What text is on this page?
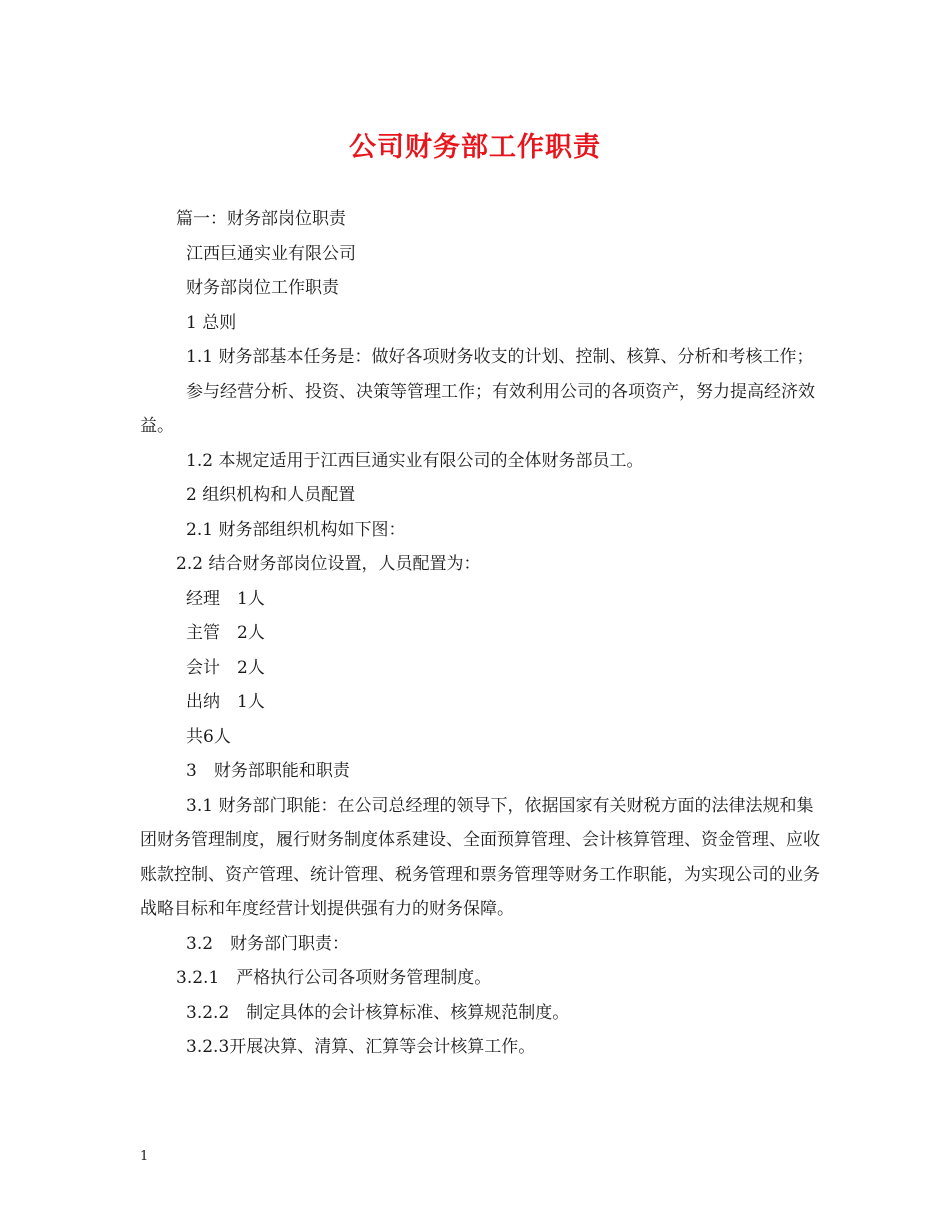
公司财务部工作职责

篇一：财务部岗位职责

江西巨通实业有限公司

财务部岗位工作职责

1 总则

1.1 财务部基本任务是：做好各项财务收支的计划、控制、核算、分析和考核工作；

参与经营分析、投资、决策等管理工作；有效利用公司的各项资产，努力提高经济效益。

1.2 本规定适用于江西巨通实业有限公司的全体财务部员工。

2 组织机构和人员配置

2.1 财务部组织机构如下图：

2.2 结合财务部岗位设置，人员配置为：

经理　1人

主管　2人

会计　2人

出纳　1人

共6人

3　财务部职能和职责

3.1 财务部门职能：在公司总经理的领导下，依据国家有关财税方面的法律法规和集团财务管理制度，履行财务制度体系建设、全面预算管理、会计核算管理、资金管理、应收账款控制、资产管理、统计管理、税务管理和票务管理等财务工作职能，为实现公司的业务战略目标和年度经营计划提供强有力的财务保障。

3.2　财务部门职责：

3.2.1　严格执行公司各项财务管理制度。

3.2.2　制定具体的会计核算标准、核算规范制度。

3.2.3开展决算、清算、汇算等会计核算工作。

1
